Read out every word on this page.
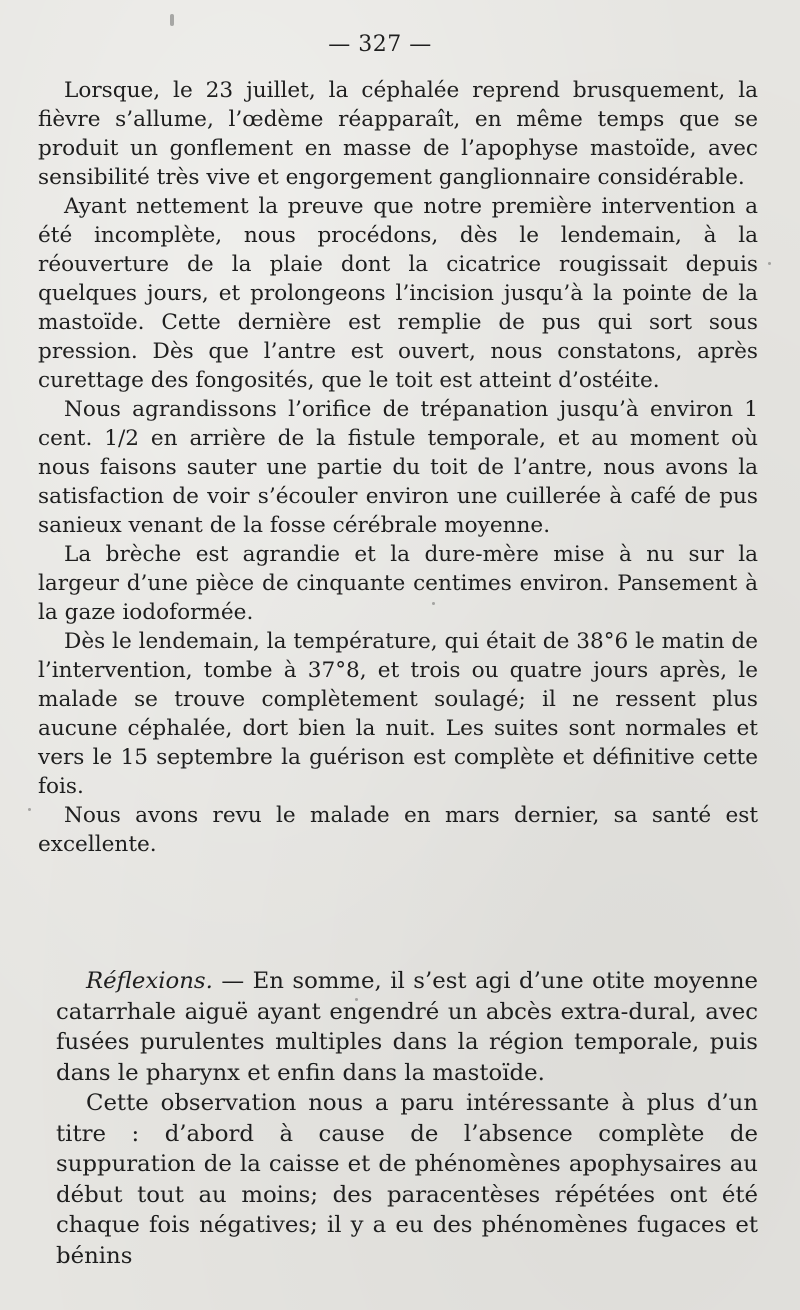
— 327 —

Lorsque, le 23 juillet, la céphalée reprend brusquement, la fièvre s’allume, l’œdème réapparaît, en même temps que se produit un gonflement en masse de l’apophyse mastoïde, avec sensibilité très vive et engorgement ganglionnaire considérable.

Ayant nettement la preuve que notre première intervention a été incomplète, nous procédons, dès le lendemain, à la réouverture de la plaie dont la cicatrice rougissait depuis quelques jours, et prolongeons l’incision jusqu’à la pointe de la mastoïde. Cette dernière est remplie de pus qui sort sous pression. Dès que l’antre est ouvert, nous constatons, après curettage des fongosités, que le toit est atteint d’ostéite.

Nous agrandissons l’orifice de trépanation jusqu’à environ 1 cent. 1/2 en arrière de la fistule temporale, et au moment où nous faisons sauter une partie du toit de l’antre, nous avons la satisfaction de voir s’écouler environ une cuillerée à café de pus sanieux venant de la fosse cérébrale moyenne.

La brèche est agrandie et la dure-mère mise à nu sur la largeur d’une pièce de cinquante centimes environ. Pansement à la gaze iodoformée.

Dès le lendemain, la température, qui était de 38°6 le matin de l’intervention, tombe à 37°8, et trois ou quatre jours après, le malade se trouve complètement soulagé; il ne ressent plus aucune céphalée, dort bien la nuit. Les suites sont normales et vers le 15 septembre la guérison est complète et définitive cette fois.

Nous avons revu le malade en mars dernier, sa santé est excellente.

Réflexions. — En somme, il s’est agi d’une otite moyenne catarrhale aiguë ayant engendré un abcès extra-dural, avec fusées purulentes multiples dans la région temporale, puis dans le pharynx et enfin dans la mastoïde.

Cette observation nous a paru intéressante à plus d’un titre : d’abord à cause de l’absence complète de suppuration de la caisse et de phénomènes apophysaires au début tout au moins; des paracentèses répétées ont été chaque fois négatives; il y a eu des phénomènes fugaces et bénins
